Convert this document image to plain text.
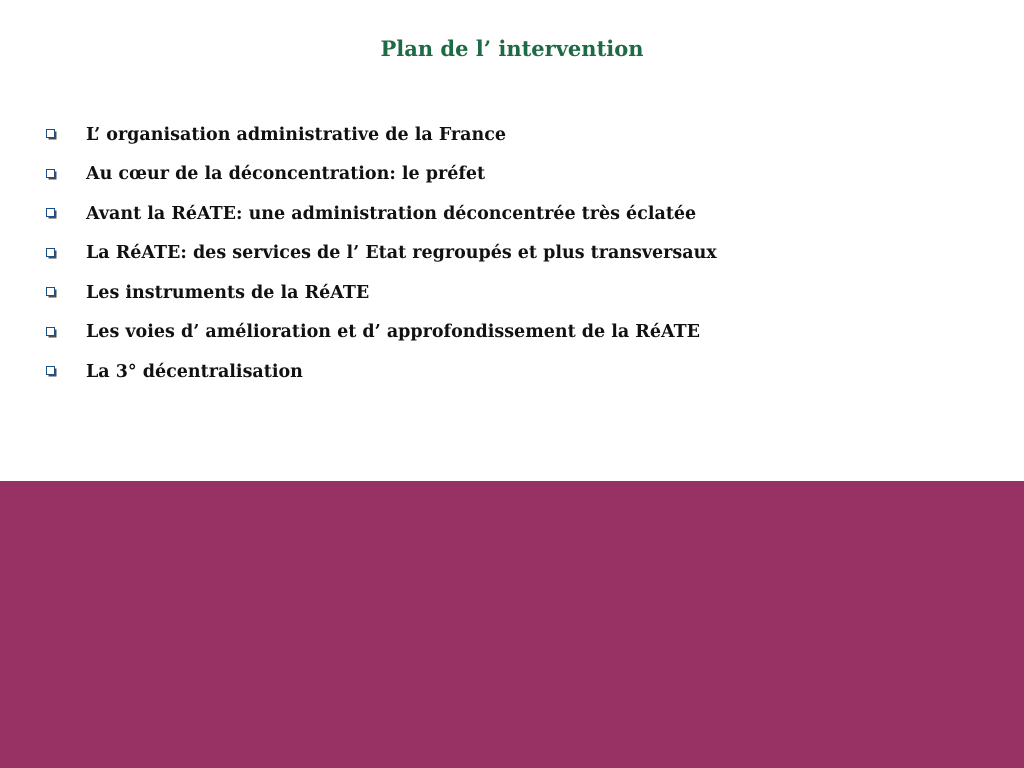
Plan de l’ intervention
L’ organisation administrative de la France
Au cœur de la déconcentration: le préfet
Avant la RéATE: une administration déconcentrée très éclatée
La RéATE: des services de l’ Etat regroupés et plus transversaux
Les instruments de la RéATE
Les voies d’ amélioration et d’ approfondissement de la RéATE
La 3° décentralisation
